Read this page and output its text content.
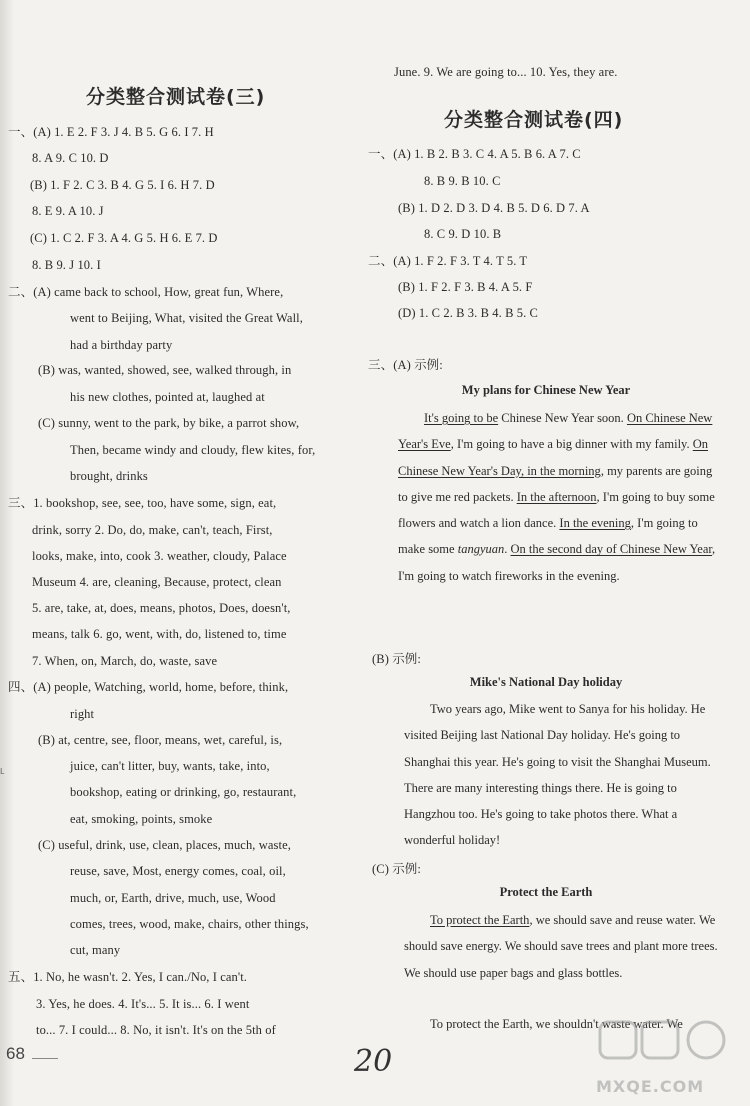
分类整合测试卷(三)
一、(A) 1. E 2. F 3. J 4. B 5. G 6. I 7. H
8. A 9. C 10. D
(B) 1. F 2. C 3. B 4. G 5. I 6. H 7. D
8. E 9. A 10. J
(C) 1. C 2. F 3. A 4. G 5. H 6. E 7. D
8. B 9. J 10. I
二、(A) came back to school, How, great fun, Where,
went to Beijing, What, visited the Great Wall,
had a birthday party
(B) was, wanted, showed, see, walked through, in
his new clothes, pointed at, laughed at
(C) sunny, went to the park, by bike, a parrot show,
Then, became windy and cloudy, flew kites, for,
brought, drinks
三、1. bookshop, see, see, too, have some, sign, eat,
drink, sorry 2. Do, do, make, can't, teach, First,
looks, make, into, cook 3. weather, cloudy, Palace
Museum 4. are, cleaning, Because, protect, clean
5. are, take, at, does, means, photos, Does, doesn't,
means, talk 6. go, went, with, do, listened to, time
7. When, on, March, do, waste, save
四、(A) people, Watching, world, home, before, think,
right
(B) at, centre, see, floor, means, wet, careful, is,
juice, can't litter, buy, wants, take, into,
bookshop, eating or drinking, go, restaurant,
eat, smoking, points, smoke
(C) useful, drink, use, clean, places, much, waste,
reuse, save, Most, energy comes, coal, oil,
much, or, Earth, drive, much, use, Wood
comes, trees, wood, make, chairs, other things,
cut, many
五、1. No, he wasn't. 2. Yes, I can./No, I can't.
3. Yes, he does. 4. It's... 5. It is... 6. I went
to... 7. I could... 8. No, it isn't. It's on the 5th of
June. 9. We are going to... 10. Yes, they are.
分类整合测试卷(四)
一、(A) 1. B 2. B 3. C 4. A 5. B 6. A 7. C
8. B 9. B 10. C
(B) 1. D 2. D 3. D 4. B 5. D 6. D 7. A
8. C 9. D 10. B
二、(A) 1. F 2. F 3. T 4. T 5. T
(B) 1. F 2. F 3. B 4. A 5. F
(D) 1. C 2. B 3. B 4. B 5. C
三、(A) 示例:
My plans for Chinese New Year
It's going to be Chinese New Year soon. On Chinese New Year's Eve, I'm going to have a big dinner with my family. On Chinese New Year's Day, in the morning, my parents are going to give me red packets. In the afternoon, I'm going to buy some flowers and watch a lion dance. In the evening, I'm going to make some tangyuan. On the second day of Chinese New Year, I'm going to watch fireworks in the evening.
(B) 示例:
Mike's National Day holiday
Two years ago, Mike went to Sanya for his holiday. He visited Beijing last National Day holiday. He's going to Shanghai this year. He's going to visit the Shanghai Museum. There are many interesting things there. He is going to Hangzhou too. He's going to take photos there. What a wonderful holiday!
(C) 示例:
Protect the Earth
To protect the Earth, we should save and reuse water. We should save energy. We should save trees and plant more trees. We should use paper bags and glass bottles.
To protect the Earth, we shouldn't waste water. We
ʟ
68	20
MXQE.COM
